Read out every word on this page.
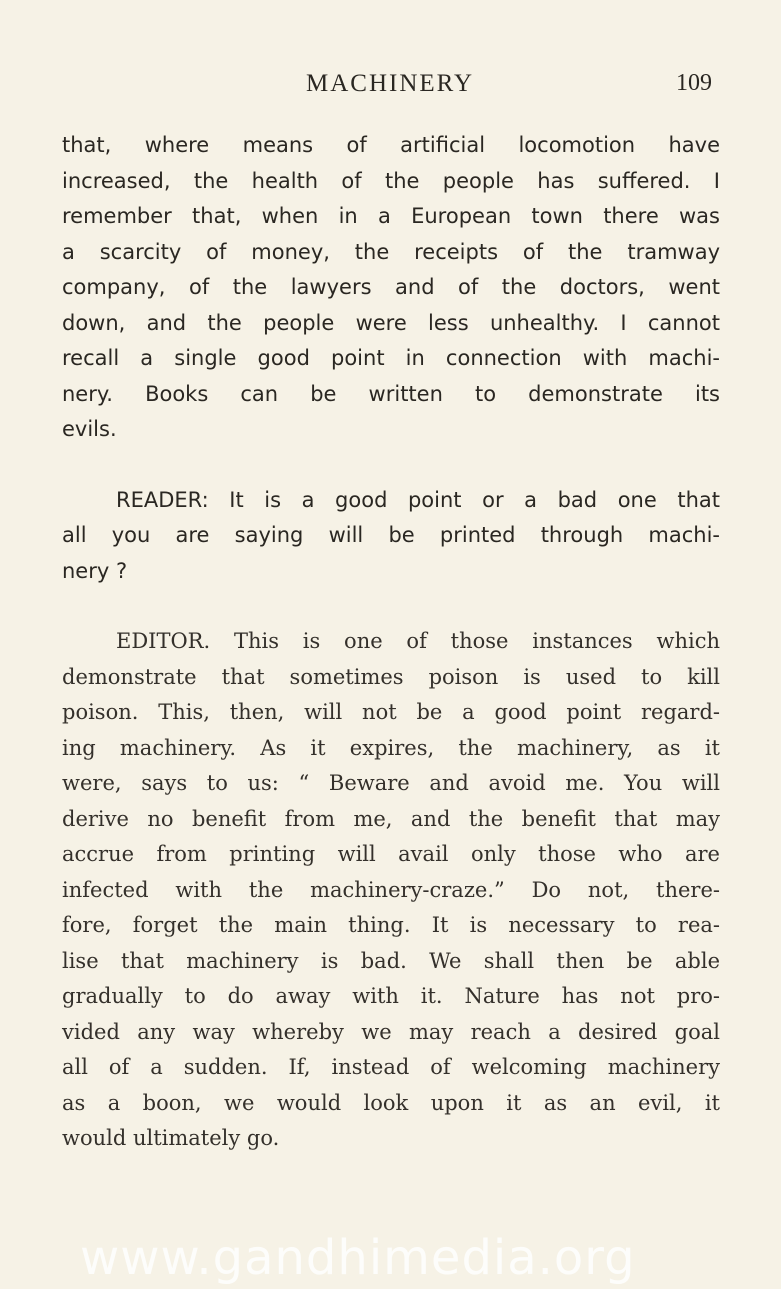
MACHINERY	109
that, where means of artificial locomotion have
increased, the health of the people has suffered. I
remember that, when in a European town there was
a scarcity of money, the receipts of the tramway
company, of the lawyers and of the doctors, went
down, and the people were less unhealthy. I cannot
recall a single good point in connection with machi-
nery. Books can be written to demonstrate its
evils.
READER: It is a good point or a bad one that
all you are saying will be printed through machi-
nery ?
EDITOR. This is one of those instances which
demonstrate that sometimes poison is used to kill
poison. This, then, will not be a good point regard-
ing machinery. As it expires, the machinery, as it
were, says to us: “ Beware and avoid me. You will
derive no benefit from me, and the benefit that may
accrue from printing will avail only those who are
infected with the machinery-craze.” Do not, there-
fore, forget the main thing. It is necessary to rea-
lise that machinery is bad. We shall then be able
gradually to do away with it. Nature has not pro-
vided any way whereby we may reach a desired goal
all of a sudden. If, instead of welcoming machinery
as a boon, we would look upon it as an evil, it
would ultimately go.
www.gandhimedia.org
